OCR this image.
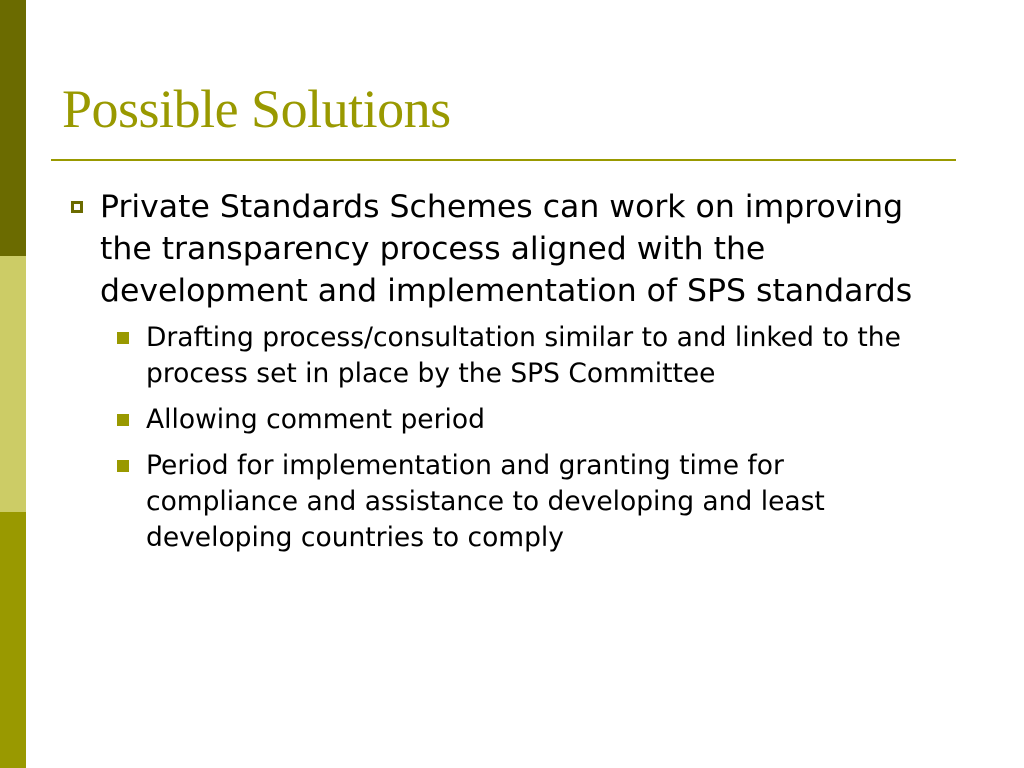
Possible Solutions
Private Standards Schemes can work on improving the transparency process aligned with the development and implementation of SPS standards
Drafting process/consultation similar to and linked to the process set in place by the SPS Committee
Allowing comment period
Period for implementation and granting time for compliance and assistance to developing and least developing countries to comply
